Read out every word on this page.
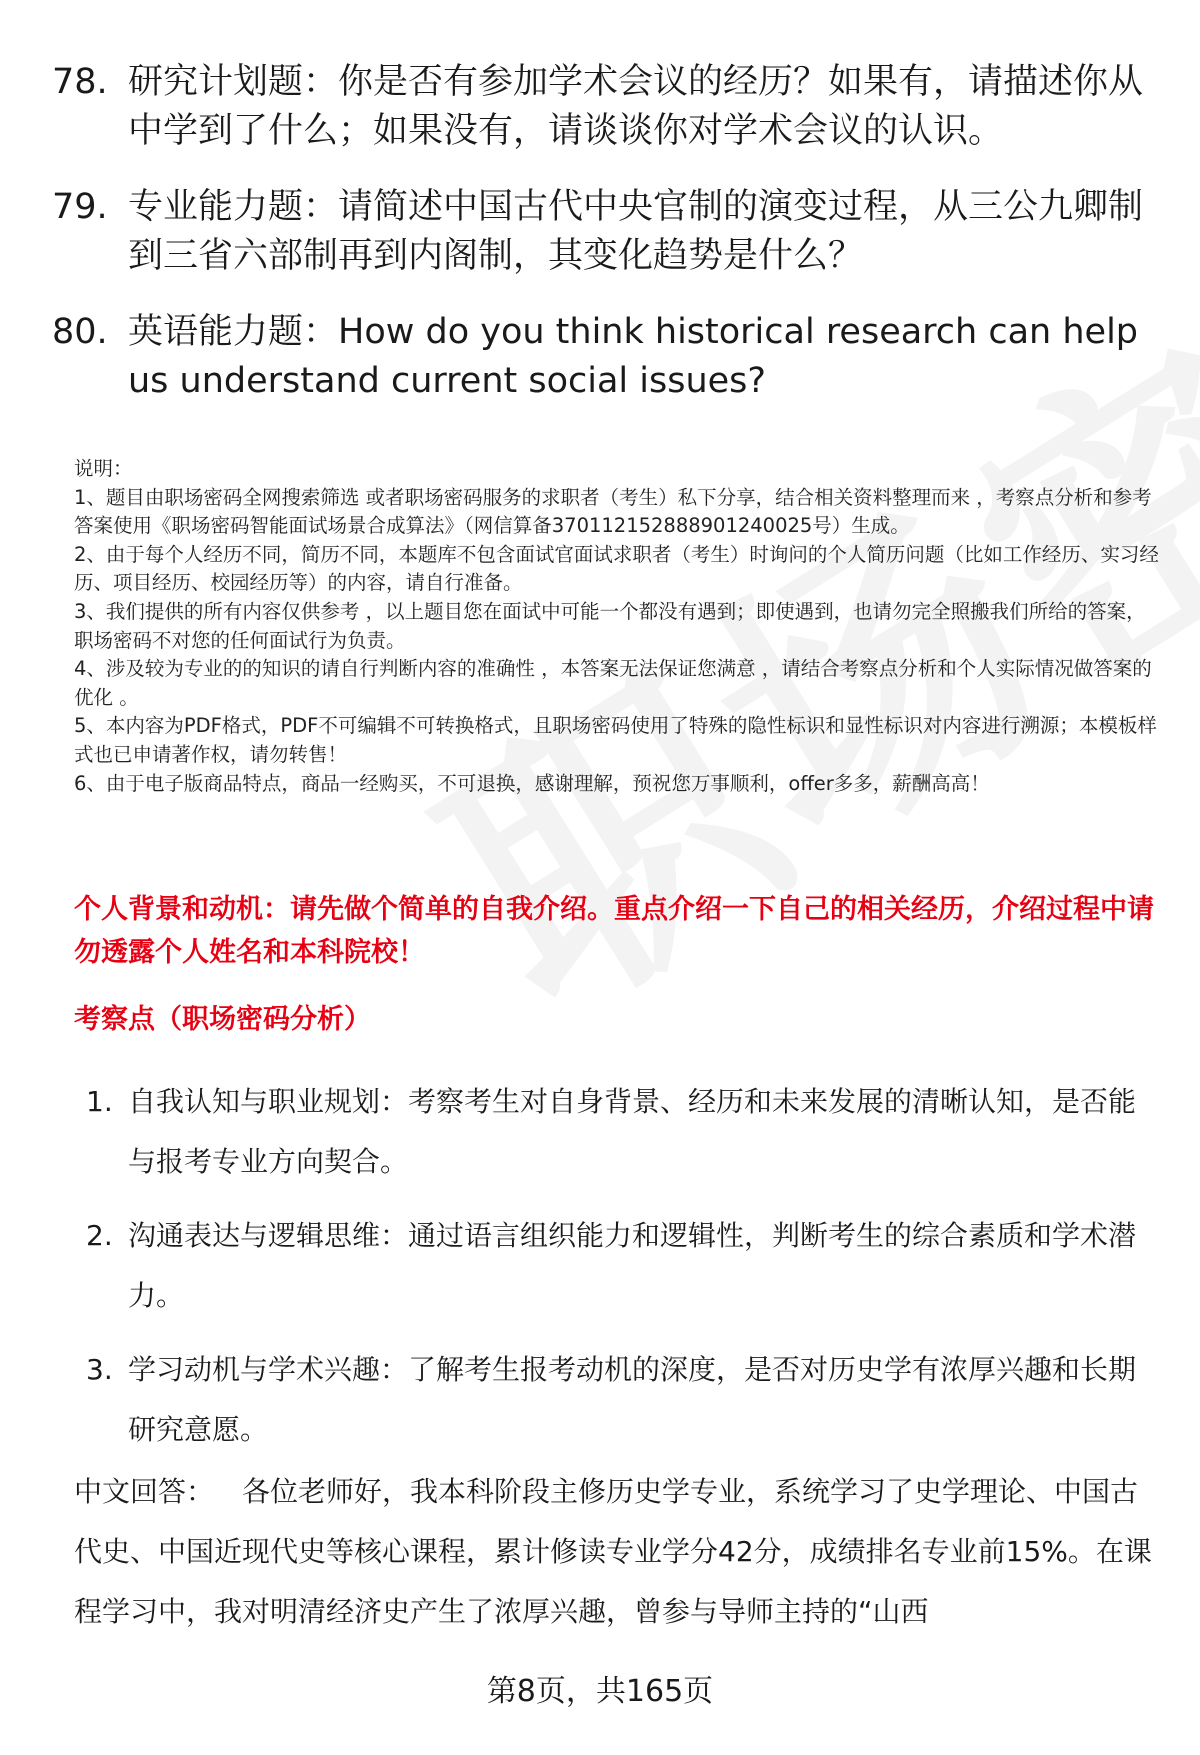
78. 研究计划题：你是否有参加学术会议的经历？如果有，请描述你从中学到了什么；如果没有，请谈谈你对学术会议的认识。

79. 专业能力题：请简述中国古代中央官制的演变过程，从三公九卿制到三省六部制再到内阁制，其变化趋势是什么？

80. 英语能力题：How do you think historical research can help us understand current social issues?

说明：

1、题目由职场密码全网搜索筛选 或者职场密码服务的求职者（考生）私下分享，结合相关资料整理而来 ，考察点分析和参考答案使用《职场密码智能面试场景合成算法》（网信算备370112152888901240025号）生成。

2、由于每个人经历不同，简历不同，本题库不包含面试官面试求职者（考生）时询问的个人简历问题（比如工作经历、实习经历、项目经历、校园经历等）的内容，请自行准备。

3、我们提供的所有内容仅供参考 ，以上题目您在面试中可能一个都没有遇到；即使遇到，也请勿完全照搬我们所给的答案，职场密码不对您的任何面试行为负责。

4、涉及较为专业的的知识的请自行判断内容的准确性 ，本答案无法保证您满意 ，请结合考察点分析和个人实际情况做答案的优化 。

5、本内容为PDF格式，PDF不可编辑不可转换格式，且职场密码使用了特殊的隐性标识和显性标识对内容进行溯源；本模板样式也已申请著作权，请勿转售！

6、由于电子版商品特点，商品一经购买，不可退换，感谢理解，预祝您万事顺利，offer多多，薪酬高高！

个人背景和动机：请先做个简单的自我介绍。重点介绍一下自己的相关经历，介绍过程中请勿透露个人姓名和本科院校！

考察点（职场密码分析）

1. 自我认知与职业规划：考察考生对自身背景、经历和未来发展的清晰认知，是否能与报考专业方向契合。

2. 沟通表达与逻辑思维：通过语言组织能力和逻辑性，判断考生的综合素质和学术潜力。

3. 学习动机与学术兴趣：了解考生报考动机的深度，是否对历史学有浓厚兴趣和长期研究意愿。

中文回答： 各位老师好，我本科阶段主修历史学专业，系统学习了史学理论、中国古代史、中国近现代史等核心课程，累计修读专业学分42分，成绩排名专业前15%。在课程学习中，我对明清经济史产生了浓厚兴趣，曾参与导师主持的“山西

第8页，共165页
